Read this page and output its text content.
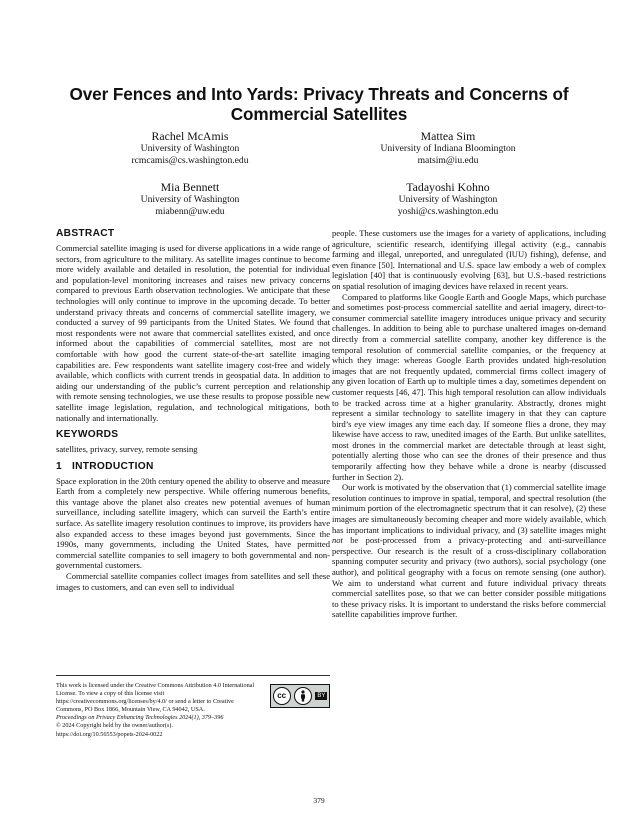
Over Fences and Into Yards: Privacy Threats and Concerns of Commercial Satellites
Rachel McAmis
University of Washington
rcmcamis@cs.washington.edu
Mattea Sim
University of Indiana Bloomington
matsim@iu.edu
Mia Bennett
University of Washington
miabenn@uw.edu
Tadayoshi Kohno
University of Washington
yoshi@cs.washington.edu
ABSTRACT

Commercial satellite imaging is used for diverse applications in a wide range of sectors, from agriculture to the military. As satellite images continue to become more widely available and detailed in resolution, the potential for individual and population-level monitoring increases and raises new privacy concerns compared to previous Earth observation technologies. We anticipate that these technologies will only continue to improve in the upcoming decade. To better understand privacy threats and concerns of commercial satellite imagery, we conducted a survey of 99 participants from the United States. We found that most respondents were not aware that commercial satellites existed, and once informed about the capabilities of commercial satellites, most are not comfortable with how good the current state-of-the-art satellite imaging capabilities are. Few respondents want satellite imagery cost-free and widely available, which conflicts with current trends in geospatial data. In addition to aiding our understanding of the public’s current perception and relationship with remote sensing technologies, we use these results to propose possible new satellite image legislation, regulation, and technological mitigations, both nationally and internationally.

KEYWORDS

satellites, privacy, survey, remote sensing

1 INTRODUCTION

Space exploration in the 20th century opened the ability to observe and measure Earth from a completely new perspective. While offering numerous benefits, this vantage above the planet also creates new potential avenues of human surveillance, including satellite imagery, which can surveil the Earth’s entire surface. As satellite imagery resolution continues to improve, its providers have also expanded access to these images beyond just governments. Since the 1990s, many governments, including the United States, have permitted commercial satellite companies to sell imagery to both governmental and non-governmental customers.

Commercial satellite companies collect images from satellites and sell these images to customers, and can even sell to individual

people. These customers use the images for a variety of applications, including agriculture, scientific research, identifying illegal activity (e.g., cannabis farming and illegal, unreported, and unregulated (IUU) fishing), defense, and even finance [50]. International and U.S. space law embody a web of complex legislation [40] that is continuously evolving [63], but U.S.-based restrictions on spatial resolution of imaging devices have relaxed in recent years.

Compared to platforms like Google Earth and Google Maps, which purchase and sometimes post-process commercial satellite and aerial imagery, direct-to-consumer commercial satellite imagery introduces unique privacy and security challenges. In addition to being able to purchase unaltered images on-demand directly from a commercial satellite company, another key difference is the temporal resolution of commercial satellite companies, or the frequency at which they image: whereas Google Earth provides undated high-resolution images that are not frequently updated, commercial firms collect imagery of any given location of Earth up to multiple times a day, sometimes dependent on customer requests [46, 47]. This high temporal resolution can allow individuals to be tracked across time at a higher granularity. Abstractly, drones might represent a similar technology to satellite imagery in that they can capture bird’s eye view images any time each day. If someone flies a drone, they may likewise have access to raw, unedited images of the Earth. But unlike satellites, most drones in the commercial market are detectable through at least sight, potentially alerting those who can see the drones of their presence and thus temporarily affecting how they behave while a drone is nearby (discussed further in Section 2).

Our work is motivated by the observation that (1) commercial satellite image resolution continues to improve in spatial, temporal, and spectral resolution (the minimum portion of the electromagnetic spectrum that it can resolve), (2) these images are simultaneously becoming cheaper and more widely available, which has important implications to individual privacy, and (3) satellite images might not be post-processed from a privacy-protecting and anti-surveillance perspective. Our research is the result of a cross-disciplinary collaboration spanning computer security and privacy (two authors), social psychology (one author), and political geography with a focus on remote sensing (one author). We aim to understand what current and future individual privacy threats commercial satellites pose, so that we can better consider possible mitigations to these privacy risks. It is important to understand the risks before commercial satellite capabilities improve further.

This work is licensed under the Creative Commons Attribution 4.0 International License. To view a copy of this license visit https://creativecommons.org/licenses/by/4.0/ or send a letter to Creative Commons, PO Box 1866, Mountain View, CA 94042, USA.
cc	BY
Proceedings on Privacy Enhancing Technologies 2024(1), 379–396
© 2024 Copyright held by the owner/author(s).
https://doi.org/10.56553/popets-2024-0022
379
